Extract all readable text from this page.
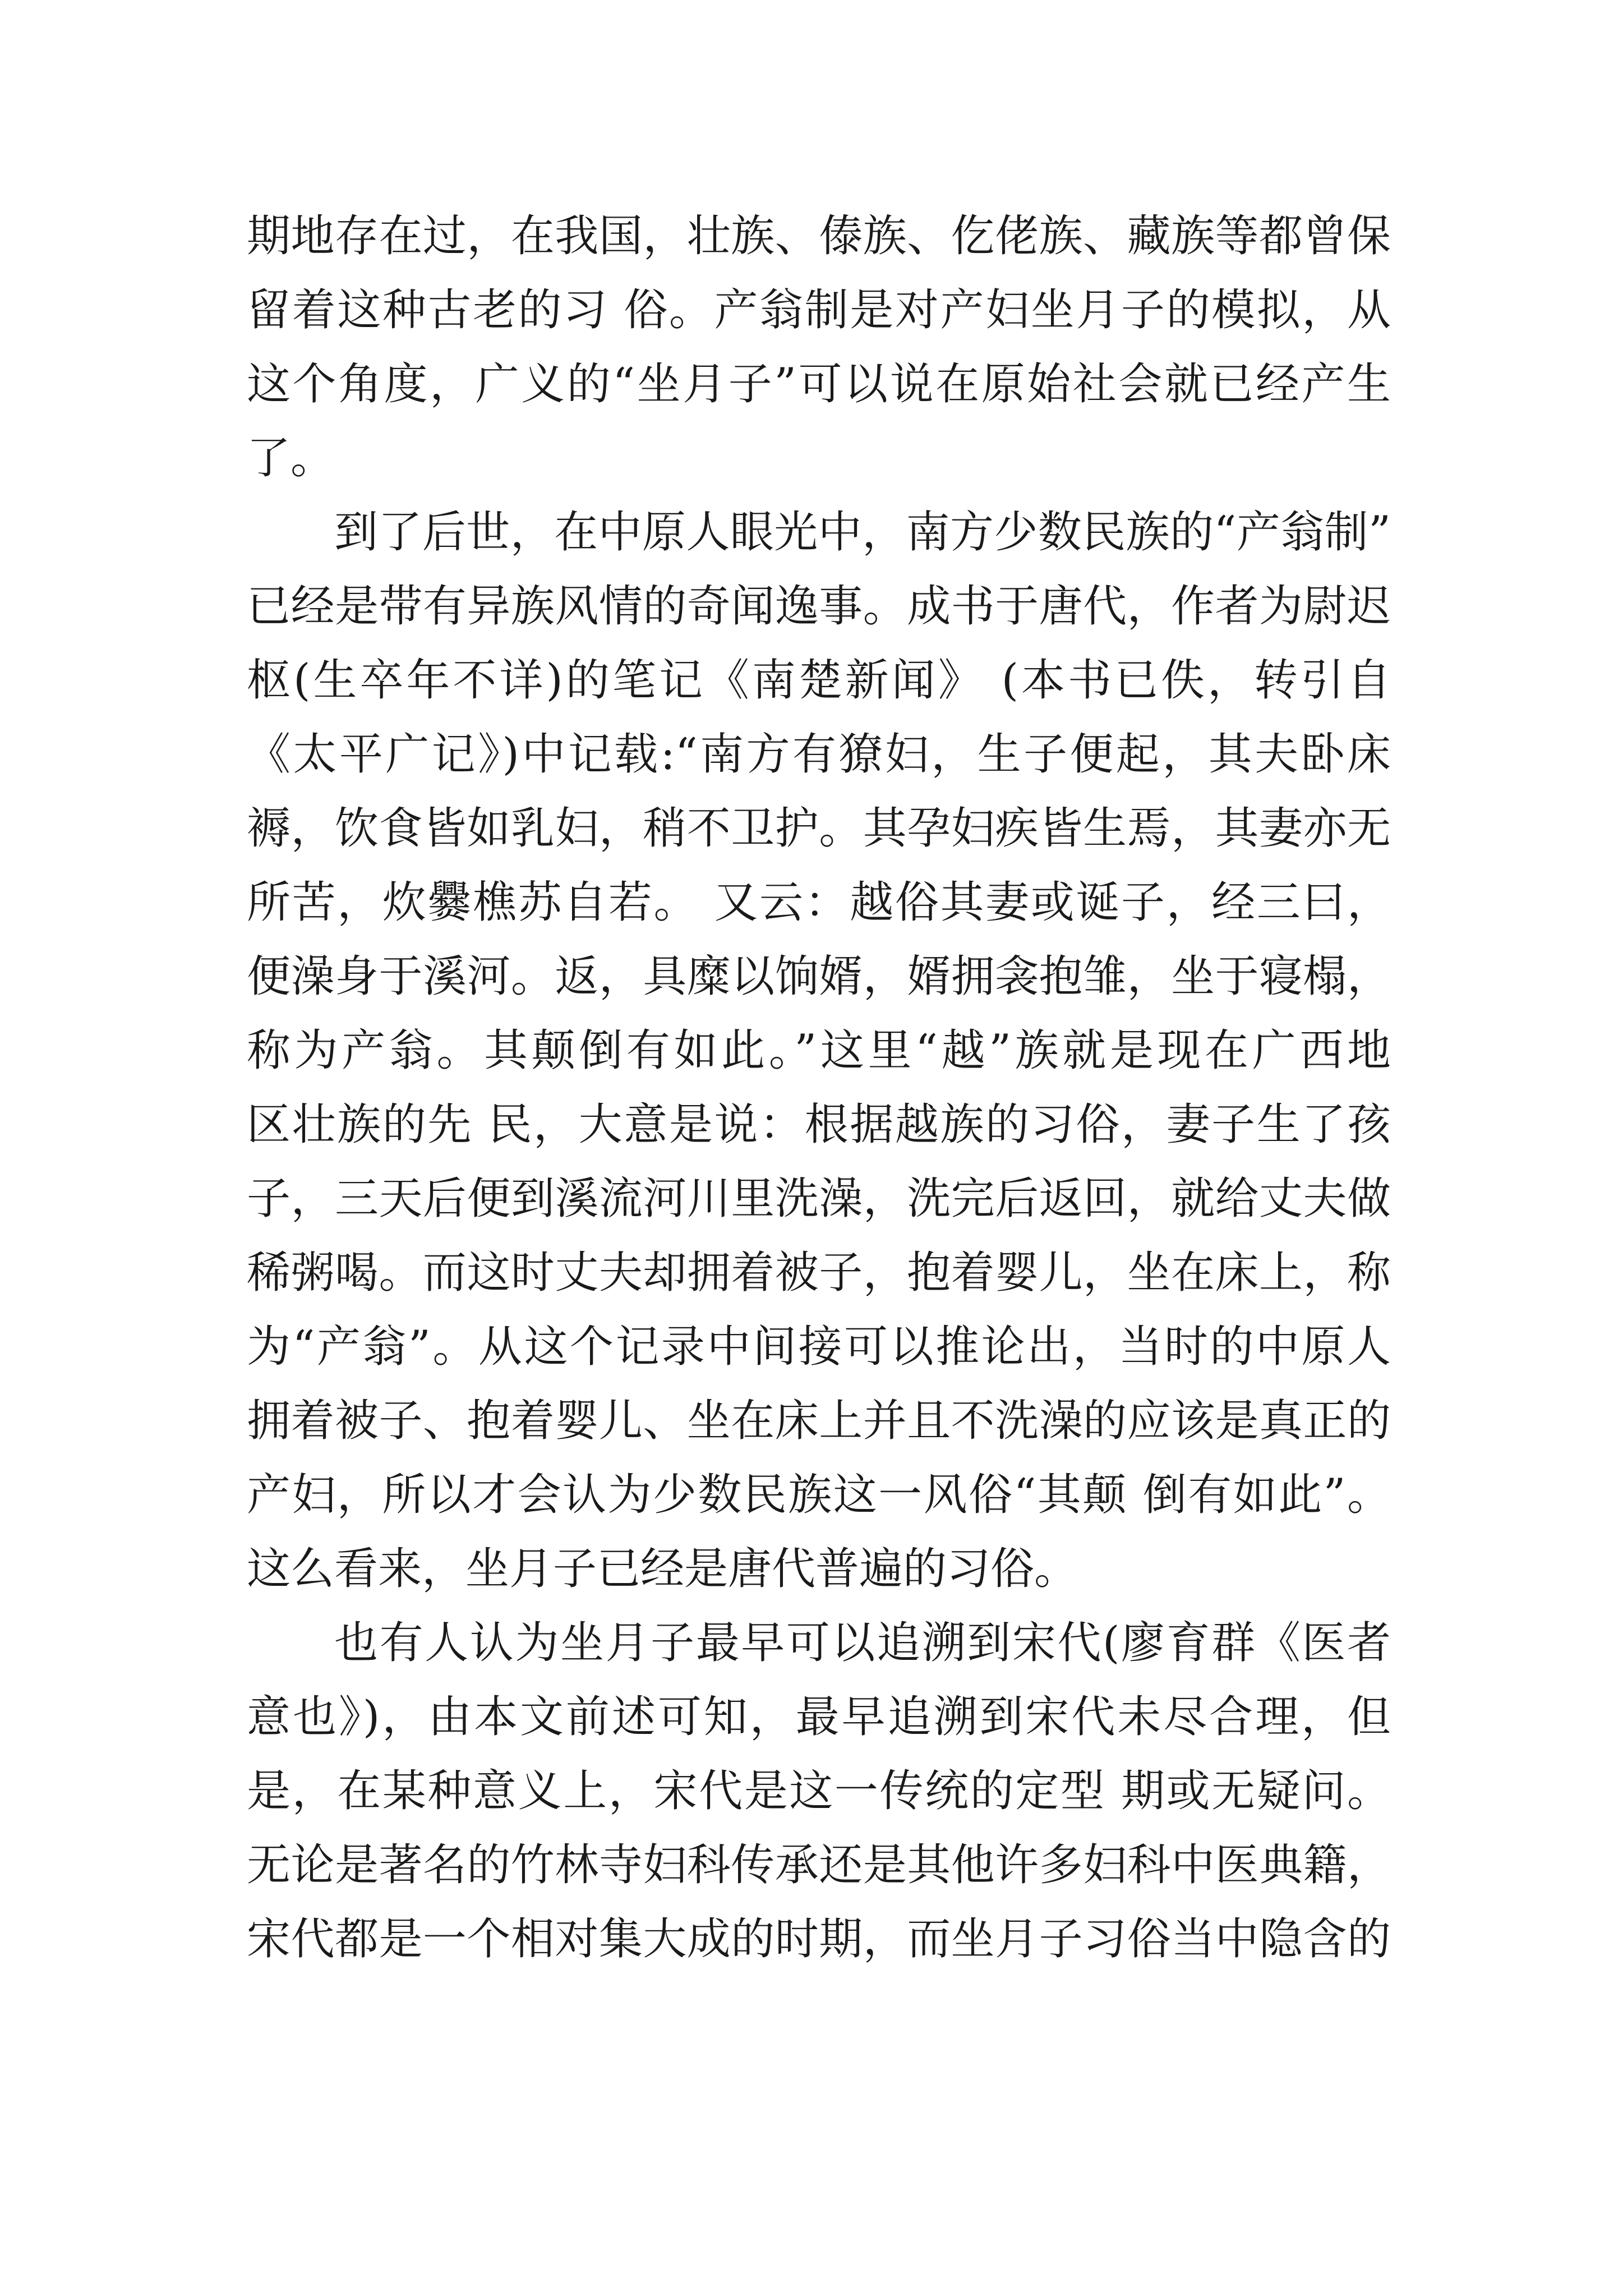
期地存在过，在我国，壮族、傣族、仡佬族、藏族等都曾保
留着这种古老的习 俗。产翁制是对产妇坐月子的模拟，从
这个角度，广义的“坐月子”可以说在原始社会就已经产生
了。
到了后世，在中原人眼光中，南方少数民族的“产翁制”
已经是带有异族风情的奇闻逸事。成书于唐代，作者为尉迟
枢(生卒年不详)的笔记《南楚新闻》 (本书已佚，转引自
《太平广记》)中记载:“南方有獠妇，生子便起，其夫卧床
褥，饮食皆如乳妇，稍不卫护。其孕妇疾皆生焉，其妻亦无
所苦，炊爨樵苏自若。 又云：越俗其妻或诞子，经三曰，
便澡身于溪河。返，具糜以饷婿，婿拥衾抱雏，坐于寝榻，
称为产翁。其颠倒有如此。”这里“越”族就是现在广西地
区壮族的先 民，大意是说：根据越族的习俗，妻子生了孩
子，三天后便到溪流河川里洗澡，洗完后返回，就给丈夫做
稀粥喝。而这时丈夫却拥着被子，抱着婴儿，坐在床上，称
为“产翁”。从这个记录中间接可以推论出，当时的中原人
拥着被子、抱着婴儿、坐在床上并且不洗澡的应该是真正的
产妇，所以才会认为少数民族这一风俗“其颠 倒有如此”。
这么看来，坐月子已经是唐代普遍的习俗。
也有人认为坐月子最早可以追溯到宋代(廖育群《医者
意也》)，由本文前述可知，最早追溯到宋代未尽合理，但
是，在某种意义上，宋代是这一传统的定型 期或无疑问。
无论是著名的竹林寺妇科传承还是其他许多妇科中医典籍，
宋代都是一个相对集大成的时期，而坐月子习俗当中隐含的
